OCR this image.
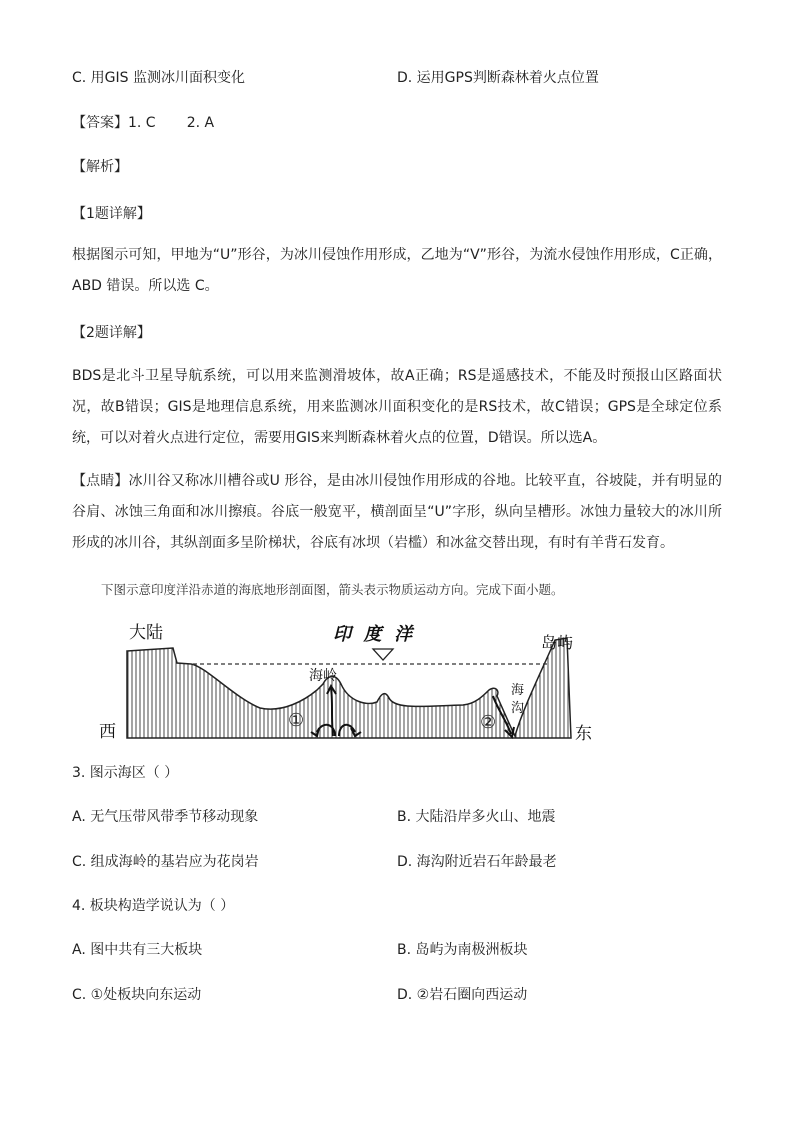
C. 用GIS 监测冰川面积变化	D. 运用GPS判断森林着火点位置
【答案】1. C       2. A
【解析】
【1题详解】
根据图示可知，甲地为“U”形谷，为冰川侵蚀作用形成，乙地为“V”形谷，为流水侵蚀作用形成，C正确，ABD 错误。所以选 C。
【2题详解】
BDS是北斗卫星导航系统，可以用来监测滑坡体，故A正确；RS是遥感技术，不能及时预报山区路面状况，故B错误；GIS是地理信息系统，用来监测冰川面积变化的是RS技术，故C错误；GPS是全球定位系统，可以对着火点进行定位，需要用GIS来判断森林着火点的位置，D错误。所以选A。
【点睛】冰川谷又称冰川槽谷或U 形谷，是由冰川侵蚀作用形成的谷地。比较平直，谷坡陡，并有明显的谷肩、冰蚀三角面和冰川擦痕。谷底一般宽平，横剖面呈“U”字形，纵向呈槽形。冰蚀力量较大的冰川所形成的冰川谷，其纵剖面多呈阶梯状，谷底有冰坝（岩槛）和冰盆交替出现，有时有羊背石发育。
下图示意印度洋沿赤道的海底地形剖面图，箭头表示物质运动方向。完成下面小题。
①	②
大陆	印  度  洋	岛屿
海岭
海
沟
西	东
3. 图示海区（ ）
A. 无气压带风带季节移动现象	B. 大陆沿岸多火山、地震
C. 组成海岭的基岩应为花岗岩	D. 海沟附近岩石年龄最老
4. 板块构造学说认为（ ）
A. 图中共有三大板块	B. 岛屿为南极洲板块
C. ①处板块向东运动	D. ②岩石圈向西运动
